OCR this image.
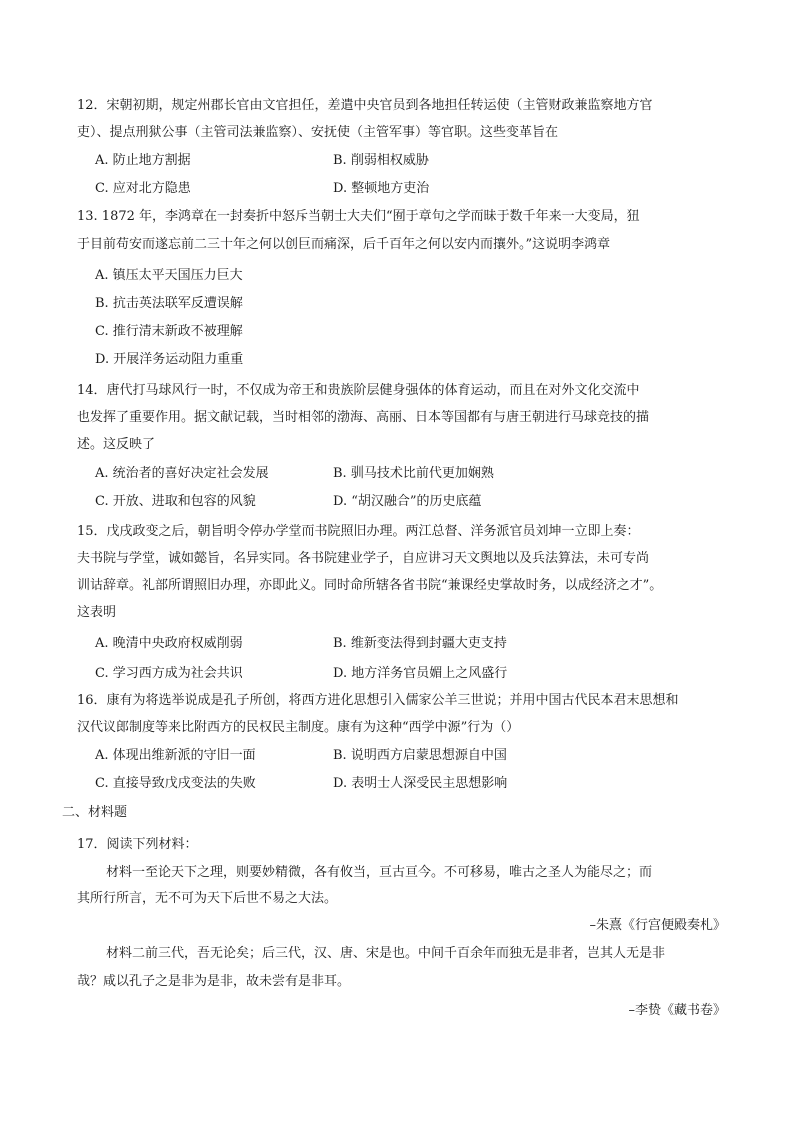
12．宋朝初期，规定州郡长官由文官担任，差遣中央官员到各地担任转运使（主管财政兼监察地方官
吏）、提点刑狱公事（主管司法兼监察）、安抚使（主管军事）等官职。这些变革旨在
A. 防止地方割据	B. 削弱相权威胁
C. 应对北方隐患	D. 整顿地方吏治
13. 1872 年，李鸿章在一封奏折中怒斥当朝士大夫们“囿于章句之学而昧于数千年来一大变局，狃
于目前苟安而遂忘前二三十年之何以创巨而痛深，后千百年之何以安内而攘外。”这说明李鸿章
A. 镇压太平天国压力巨大
B. 抗击英法联军反遭误解
C. 推行清末新政不被理解
D. 开展洋务运动阻力重重
14．唐代打马球风行一时，不仅成为帝王和贵族阶层健身强体的体育运动，而且在对外文化交流中
也发挥了重要作用。据文献记载，当时相邻的渤海、高丽、日本等国都有与唐王朝进行马球竞技的描
述。这反映了
A. 统治者的喜好决定社会发展	B. 驯马技术比前代更加娴熟
C. 开放、进取和包容的风貌	D. “胡汉融合”的历史底蕴
15．戊戌政变之后，朝旨明令停办学堂而书院照旧办理。两江总督、洋务派官员刘坤一立即上奏：
夫书院与学堂，诚如懿旨，名异实同。各书院建业学子，自应讲习天文舆地以及兵法算法，未可专尚
训诂辞章。礼部所谓照旧办理，亦即此义。同时命所辖各省书院“兼课经史掌故时务，以成经济之才”。
这表明
A. 晚清中央政府权威削弱	B. 维新变法得到封疆大吏支持
C. 学习西方成为社会共识	D. 地方洋务官员媚上之风盛行
16．康有为将选举说成是孔子所创，将西方进化思想引入儒家公羊三世说；并用中国古代民本君末思想和
汉代议郎制度等来比附西方的民权民主制度。康有为这种“西学中源”行为（）
A. 体现出维新派的守旧一面	B. 说明西方启蒙思想源自中国
C. 直接导致戊戌变法的失败	D. 表明士人深受民主思想影响
二、材料题
17．阅读下列材料：
材料一至论天下之理，则要妙精微，各有攸当，亘古亘今。不可移易，唯古之圣人为能尽之；而
其所行所言，无不可为天下后世不易之大法。
–朱熹《行宫便殿奏札》
材料二前三代，吾无论矣；后三代，汉、唐、宋是也。中间千百余年而独无是非者，岂其人无是非
哉？咸以孔子之是非为是非，故未尝有是非耳。
–李贽《藏书卷》
